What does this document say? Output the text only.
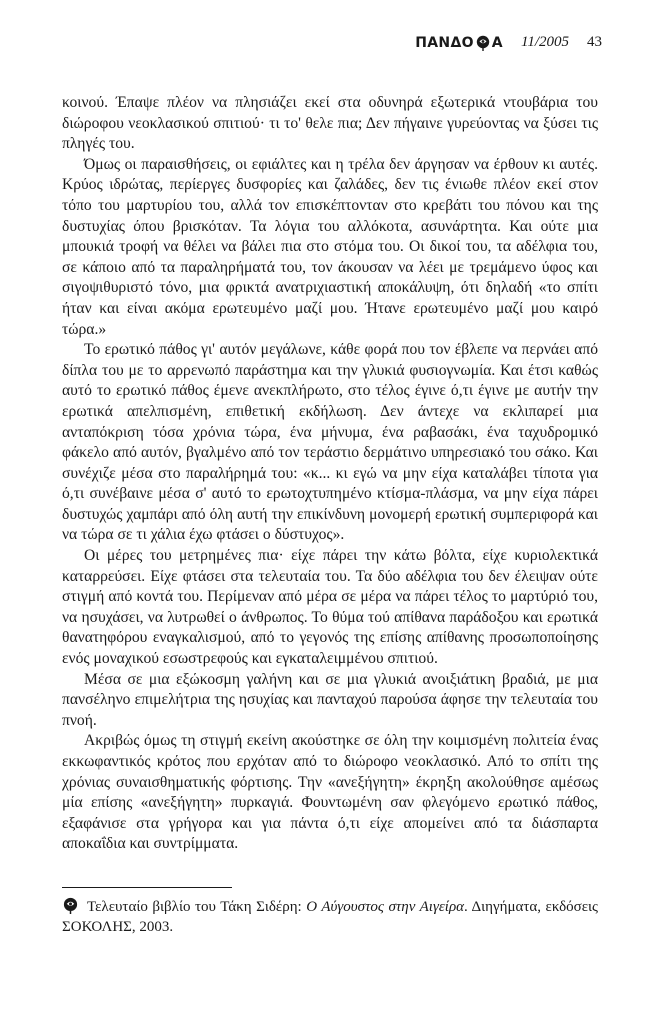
ΠΑΝΔΟ Α 11/2005 43

κοινού. Έπαψε πλέον να πλησιάζει εκεί στα οδυνηρά εξωτερικά ντουβάρια του διώροφου νεοκλασικού σπιτιού· τι το' θελε πια; Δεν πήγαινε γυρεύοντας να ξύσει τις πληγές του.

Όμως οι παραισθήσεις, οι εφιάλτες και η τρέλα δεν άργησαν να έρθουν κι αυτές. Κρύος ιδρώτας, περίεργες δυσφορίες και ζαλάδες, δεν τις ένιωθε πλέον εκεί στον τόπο του μαρτυρίου του, αλλά τον επισκέπτονταν στο κρεβάτι του πόνου και της δυστυχίας όπου βρισκόταν. Τα λόγια του αλλόκοτα, ασυνάρτητα. Και ούτε μια μπουκιά τροφή να θέλει να βάλει πια στο στόμα του. Οι δικοί του, τα αδέλφια του, σε κάποιο από τα παραληρήματά του, τον άκουσαν να λέει με τρεμάμενο ύφος και σιγοψιθυριστό τόνο, μια φρικτά ανατριχιαστική αποκάλυψη, ότι δηλαδή «το σπίτι ήταν και είναι ακόμα ερωτευμένο μαζί μου. Ήτανε ερωτευμένο μαζί μου καιρό τώρα.»

Το ερωτικό πάθος γι' αυτόν μεγάλωνε, κάθε φορά που τον έβλεπε να περνάει από δίπλα του με το αρρενωπό παράστημα και την γλυκιά φυσιογνωμία. Και έτσι καθώς αυτό το ερωτικό πάθος έμενε ανεκπλήρωτο, στο τέλος έγινε ό,τι έγινε με αυτήν την ερωτικά απελπισμένη, επιθετική εκδήλωση. Δεν άντεχε να εκλιπαρεί μια ανταπόκριση τόσα χρόνια τώρα, ένα μήνυμα, ένα ραβασάκι, ένα ταχυδρομικό φάκελο από αυτόν, βγαλμένο από τον τεράστιο δερμάτινο υπηρεσιακό του σάκο. Και συνέχιζε μέσα στο παραλήρημά του: «κ... κι εγώ να μην είχα καταλάβει τίποτα για ό,τι συνέβαινε μέσα σ' αυτό το ερωτοχτυπημένο κτίσμα-πλάσμα, να μην είχα πάρει δυστυχώς χαμπάρι από όλη αυτή την επικίνδυνη μονομερή ερωτική συμπεριφορά και να τώρα σε τι χάλια έχω φτάσει ο δύστυχος».

Οι μέρες του μετρημένες πια· είχε πάρει την κάτω βόλτα, είχε κυριολεκτικά καταρρεύσει. Είχε φτάσει στα τελευταία του. Τα δύο αδέλφια του δεν έλειψαν ούτε στιγμή από κοντά του. Περίμεναν από μέρα σε μέρα να πάρει τέλος το μαρτύριό του, να ησυχάσει, να λυτρωθεί ο άνθρωπος. Το θύμα τού απίθανα παράδοξου και ερωτικά θανατηφόρου εναγκαλισμού, από το γεγονός της επίσης απίθανης προσωποποίησης ενός μοναχικού εσωστρεφούς και εγκαταλειμμένου σπιτιού.

Μέσα σε μια εξώκοσμη γαλήνη και σε μια γλυκιά ανοιξιάτικη βραδιά, με μια πανσέληνο επιμελήτρια της ησυχίας και πανταχού παρούσα άφησε την τελευταία του πνοή.

Ακριβώς όμως τη στιγμή εκείνη ακούστηκε σε όλη την κοιμισμένη πολιτεία ένας εκκωφαντικός κρότος που ερχόταν από το διώροφο νεοκλασικό. Από το σπίτι της χρόνιας συναισθηματικής φόρτισης. Την «ανεξήγητη» έκρηξη ακολούθησε αμέσως μία επίσης «ανεξήγητη» πυρκαγιά. Φουντωμένη σαν φλεγόμενο ερωτικό πάθος, εξαφάνισε στα γρήγορα και για πάντα ό,τι είχε απομείνει από τα διάσπαρτα αποκαΐδια και συντρίμματα.

Τελευταίο βιβλίο του Τάκη Σιδέρη: Ο Αύγουστος στην Αιγείρα. Διηγήματα, εκδόσεις ΣΟΚΟΛΗΣ, 2003.
